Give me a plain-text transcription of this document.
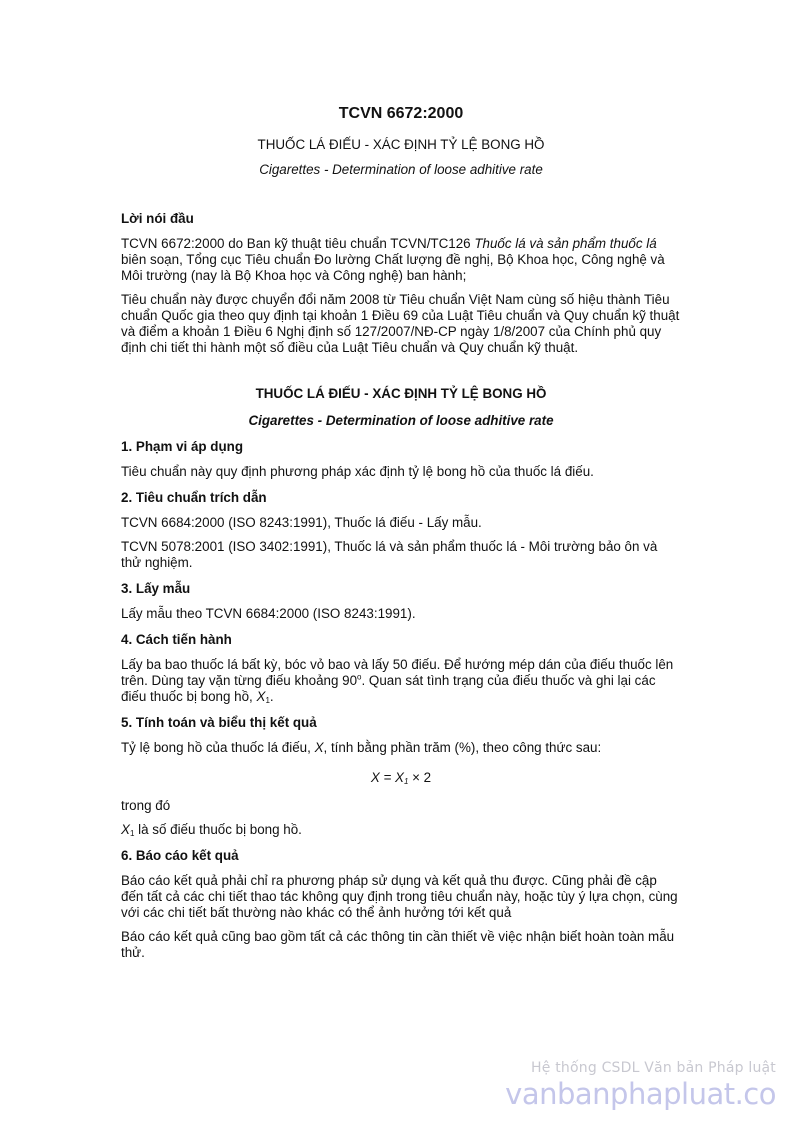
TCVN 6672:2000
THUỐC LÁ ĐIẾU - XÁC ĐỊNH TỶ LỆ BONG HỒ
Cigarettes - Determination of loose adhitive rate
Lời nói đầu

TCVN 6672:2000 do Ban kỹ thuật tiêu chuẩn TCVN/TC126 Thuốc lá và sản phẩm thuốc lá biên soạn, Tổng cục Tiêu chuẩn Đo lường Chất lượng đề nghị, Bộ Khoa học, Công nghệ và Môi trường (nay là Bộ Khoa học và Công nghệ) ban hành;

Tiêu chuẩn này được chuyển đổi năm 2008 từ Tiêu chuẩn Việt Nam cùng số hiệu thành Tiêu chuẩn Quốc gia theo quy định tại khoản 1 Điều 69 của Luật Tiêu chuẩn và Quy chuẩn kỹ thuật và điểm a khoản 1 Điều 6 Nghị định số 127/2007/NĐ-CP ngày 1/8/2007 của Chính phủ quy định chi tiết thi hành một số điều của Luật Tiêu chuẩn và Quy chuẩn kỹ thuật.

THUỐC LÁ ĐIẾU - XÁC ĐỊNH TỶ LỆ BONG HỒ
Cigarettes - Determination of loose adhitive rate
1. Phạm vi áp dụng

Tiêu chuẩn này quy định phương pháp xác định tỷ lệ bong hồ của thuốc lá điếu.

2. Tiêu chuẩn trích dẫn

TCVN 6684:2000 (ISO 8243:1991), Thuốc lá điếu - Lấy mẫu.

TCVN 5078:2001 (ISO 3402:1991), Thuốc lá và sản phẩm thuốc lá - Môi trường bảo ôn và thử nghiệm.

3. Lấy mẫu

Lấy mẫu theo TCVN 6684:2000 (ISO 8243:1991).

4. Cách tiến hành

Lấy ba bao thuốc lá bất kỳ, bóc vỏ bao và lấy 50 điếu. Để hướng mép dán của điếu thuốc lên trên. Dùng tay vặn từng điếu khoảng 90$^o$. Quan sát tình trạng của điếu thuốc và ghi lại các điếu thuốc bị bong hồ, $X_1$.

5. Tính toán và biểu thị kết quả

Tỷ lệ bong hồ của thuốc lá điếu, X, tính bằng phần trăm (%), theo công thức sau:

$X = X_1 \times 2$

trong đó

$X_1$ là số điếu thuốc bị bong hồ.

6. Báo cáo kết quả

Báo cáo kết quả phải chỉ ra phương pháp sử dụng và kết quả thu được. Cũng phải đề cập đến tất cả các chi tiết thao tác không quy định trong tiêu chuẩn này, hoặc tùy ý lựa chọn, cùng với các chi tiết bất thường nào khác có thể ảnh hưởng tới kết quả

Báo cáo kết quả cũng bao gồm tất cả các thông tin cần thiết về việc nhận biết hoàn toàn mẫu thử.

Hệ thống CSDL Văn bản Pháp luật
vanbanphapluat.co
